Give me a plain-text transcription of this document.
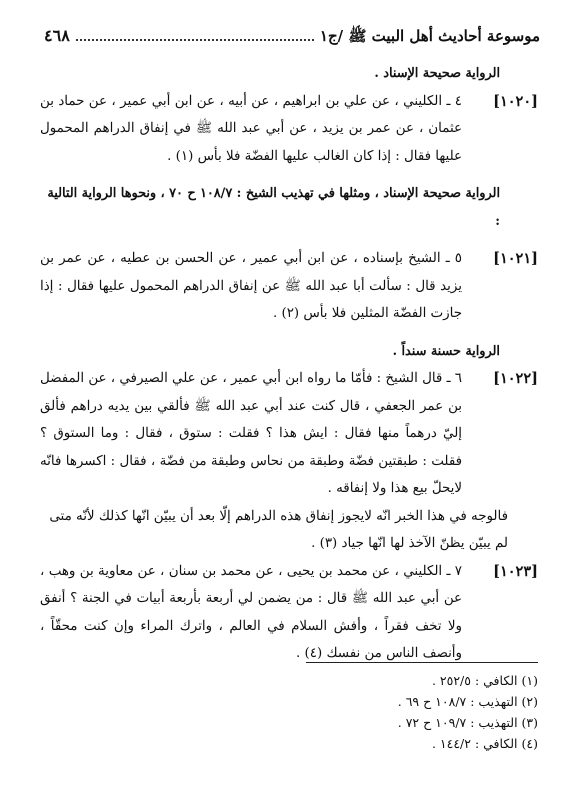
موسوعة أحاديث أهل البيت ﷺ /ج١
٤٦٨

الرواية صحيحة الإسناد .

[١٠٢٠]
٤ ـ الكليني ، عن علي بن ابراهيم ، عن أبيه ، عن ابن أبي عمير ، عن حماد بن عثمان ، عن عمر بن يزيد ، عن أبي عبد الله ﷺ في إنفاق الدراهم المحمول عليها فقال : إذا كان الغالب عليها الفضّة فلا بأس (١) .

الرواية صحيحة الإسناد ، ومثلها في تهذيب الشيخ : ١٠٨/٧ ح ٧٠ ، ونحوها الرواية التالية :

[١٠٢١]
٥ ـ الشيخ بإسناده ، عن ابن أبي عمير ، عن الحسن بن عطيه ، عن عمر بن يزيد قال : سألت أبا عبد الله ﷺ عن إنفاق الدراهم المحمول عليها فقال : إذا جازت الفضّة المثلين فلا بأس (٢) .

الرواية حسنة سنداً .

[١٠٢٢]
٦ ـ قال الشيخ : فأمّا ما رواه ابن أبي عمير ، عن علي الصيرفي ، عن المفضل بن عمر الجعفي ، قال كنت عند أبي عبد الله ﷺ فألقي بين يديه دراهم فألق إليّ درهماً منها فقال : ايش هذا ؟ فقلت : ستوق ، فقال : وما الستوق ؟ فقلت : طبقتين فضّة وطبقة من نحاس وطبقة من فضّة ، فقال : اكسرها فانّه لايحلّ بيع هذا ولا إنفاقه .

فالوجه في هذا الخبر انّه لايجوز إنفاق هذه الدراهم إلّا بعد أن يبيّن انّها كذلك لأنّه متى لم يبيّن يظنّ الآخذ لها انّها جياد (٣) .

[١٠٢٣]
٧ ـ الكليني ، عن محمد بن يحيى ، عن محمد بن سنان ، عن معاوية بن وهب ، عن أبي عبد الله ﷺ قال : من يضمن لي أربعة بأربعة أبيات في الجنة ؟ أنفق ولا تخف فقراً ، وأفش السلام في العالم ، واترك المراء وإن كنت محقّاً ، وأنصف الناس من نفسك (٤) .

(١) الكافي : ٢٥٢/٥ .
(٢) التهذيب : ١٠٨/٧ ح ٦٩ .
(٣) التهذيب : ١٠٩/٧ ح ٧٢ .
(٤) الكافي : ١٤٤/٢ .
